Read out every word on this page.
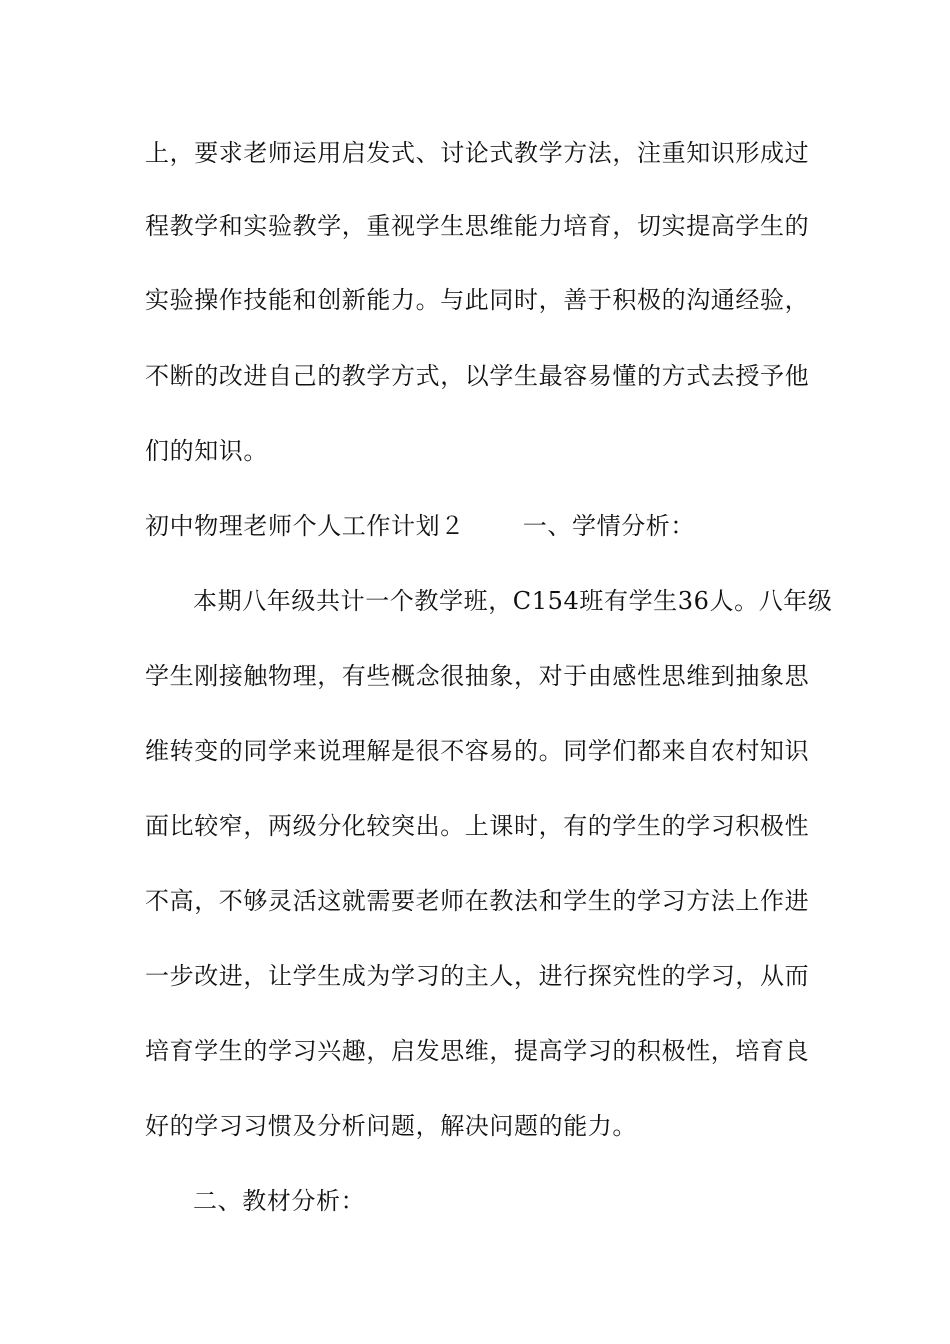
上，要求老师运用启发式、讨论式教学方法，注重知识形成过
程教学和实验教学，重视学生思维能力培育，切实提高学生的
实验操作技能和创新能力。与此同时，善于积极的沟通经验，
不断的改进自己的教学方式，以学生最容易懂的方式去授予他
们的知识。
初中物理老师个人工作计划２ 一、学情分析：
本期八年级共计一个教学班，C154班有学生36人。八年级
学生刚接触物理，有些概念很抽象，对于由感性思维到抽象思
维转变的同学来说理解是很不容易的。同学们都来自农村知识
面比较窄，两级分化较突出。上课时，有的学生的学习积极性
不高，不够灵活这就需要老师在教法和学生的学习方法上作进
一步改进，让学生成为学习的主人，进行探究性的学习，从而
培育学生的学习兴趣，启发思维，提高学习的积极性，培育良
好的学习习惯及分析问题，解决问题的能力。
二、教材分析：
